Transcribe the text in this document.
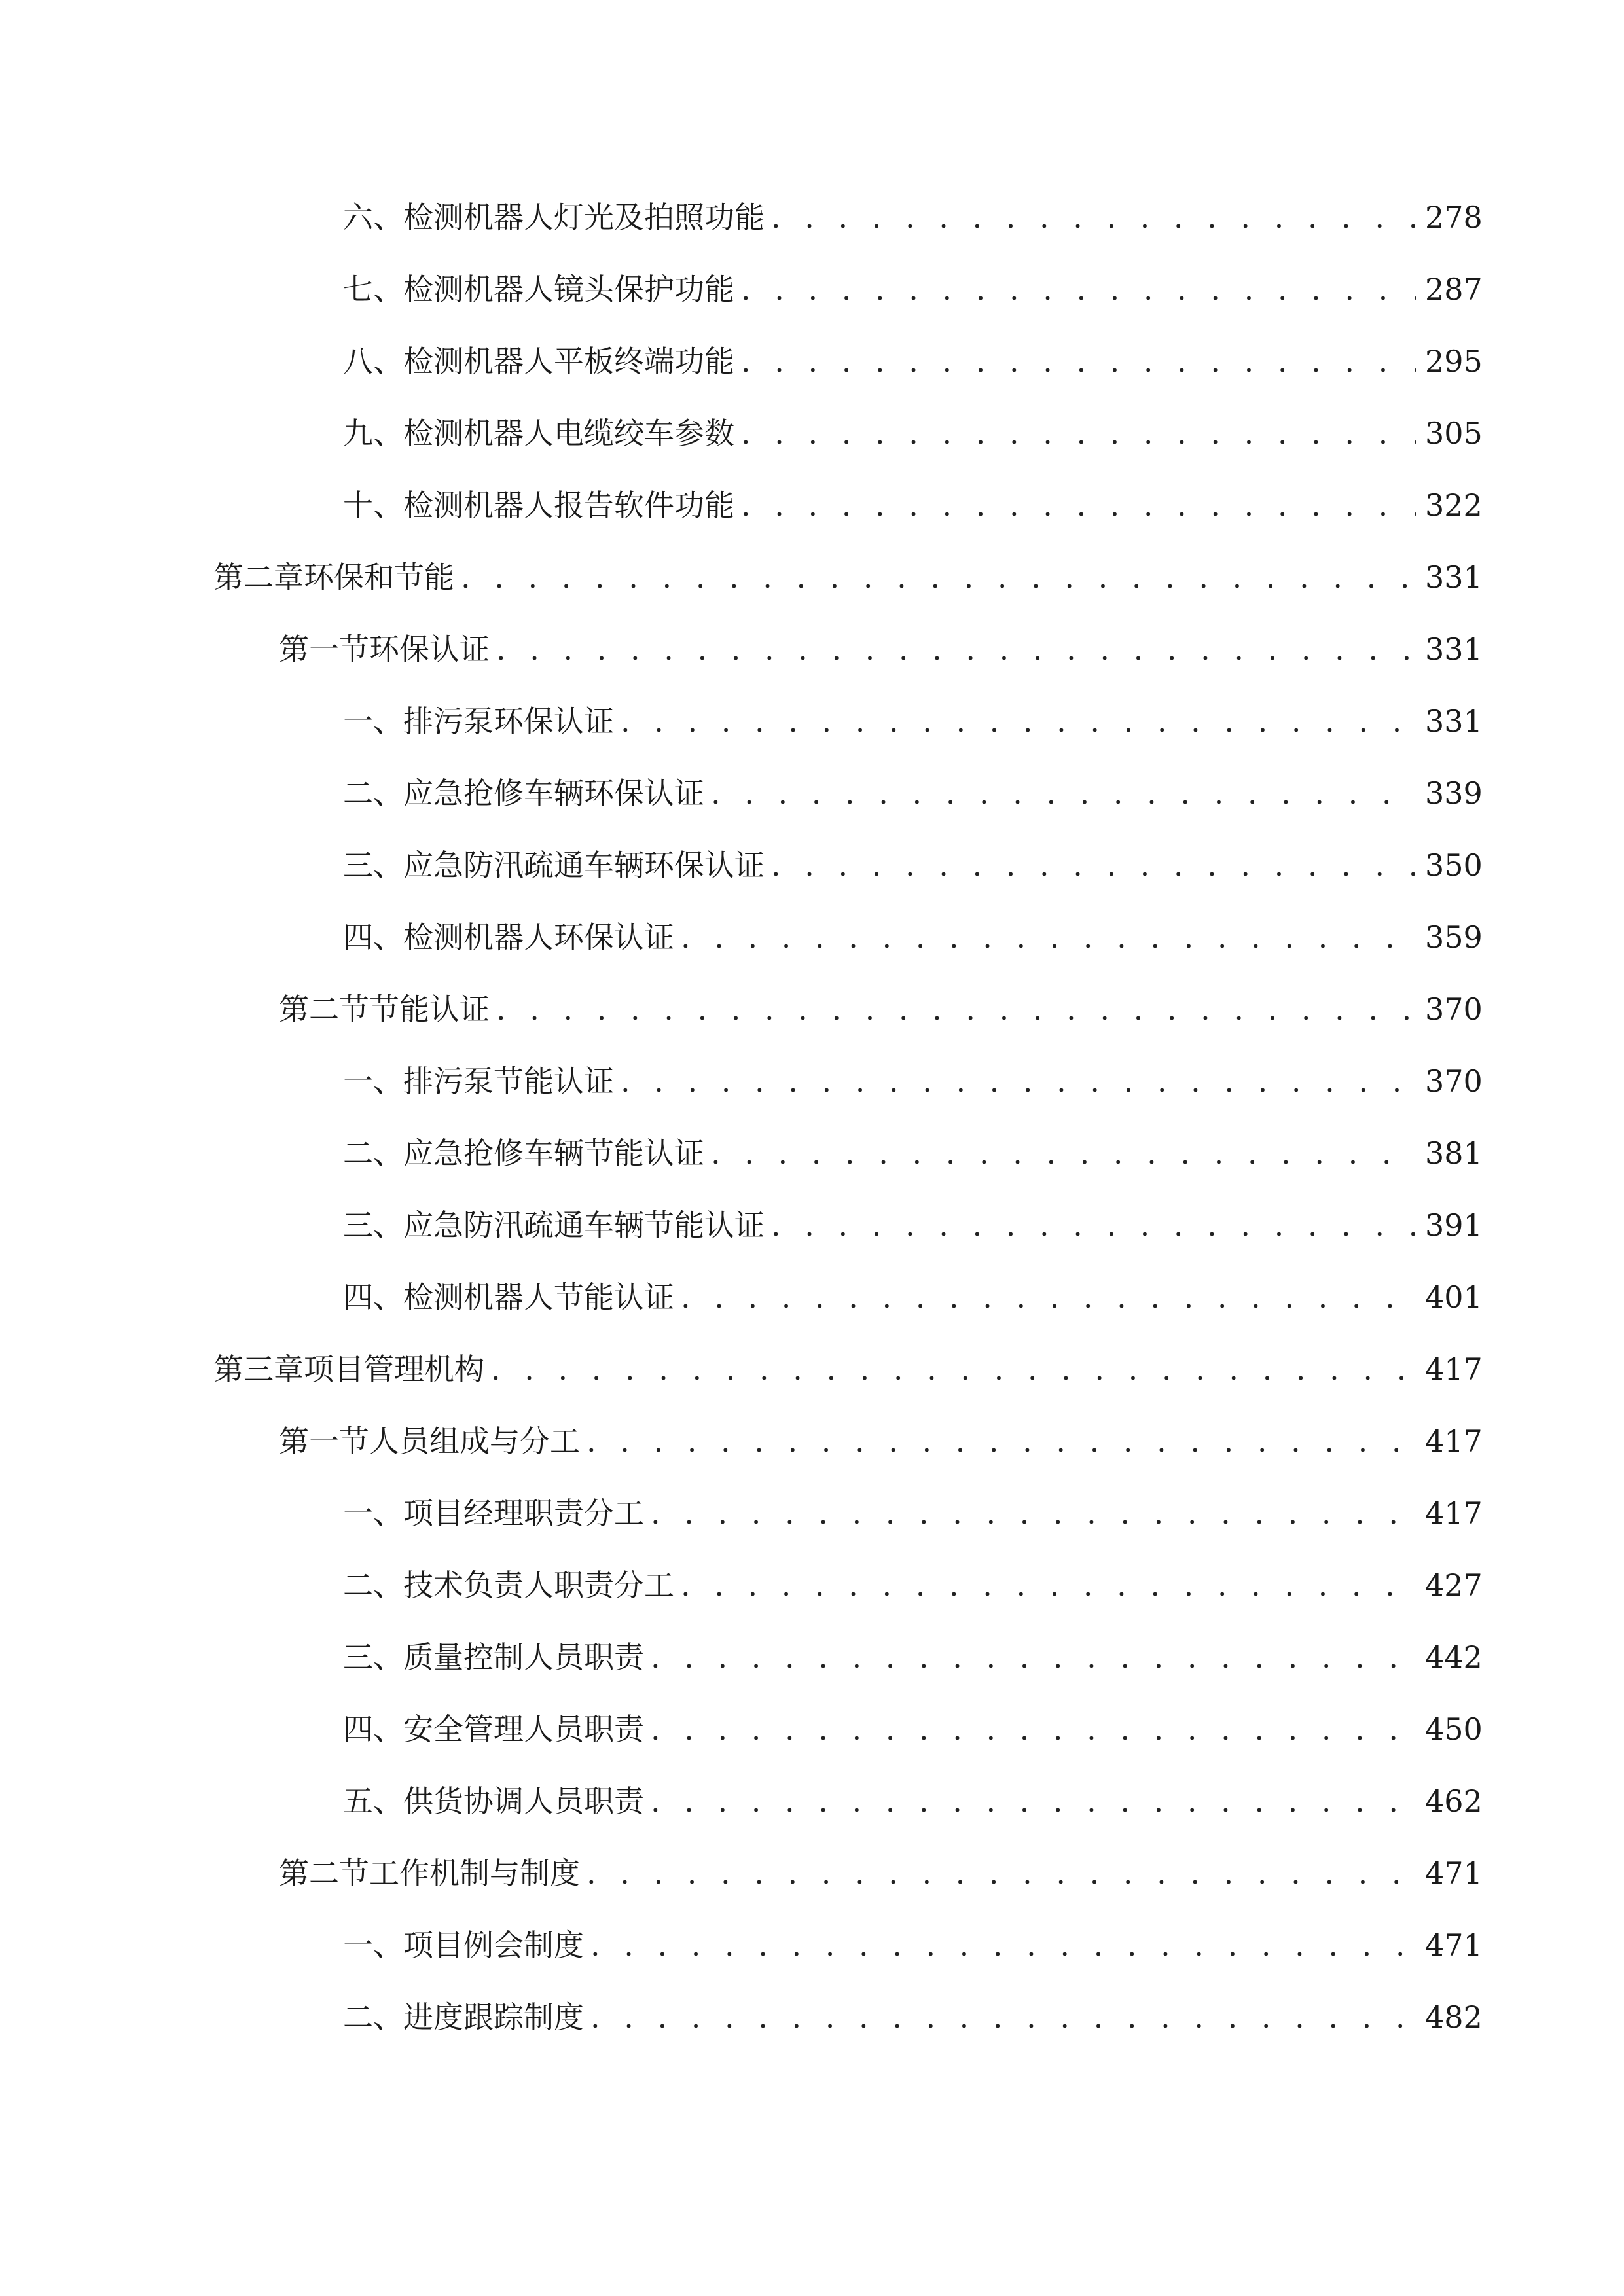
六、 检测机器人灯光及拍照功能 . . .	278
七、 检测机器人镜头保护功能 . . .	287
八、 检测机器人平板终端功能 . . .	295
九、 检测机器人电缆绞车参数 . . .	305
十、 检测机器人报告软件功能 . . .	322
第二章 环保和节能 . . .	331
第一节 环保认证 . . .	331
一、 排污泵环保认证 . . .	331
二、 应急抢修车辆环保认证 . . .	339
三、 应急防汛疏通车辆环保认证 . . .	350
四、 检测机器人环保认证 . . .	359
第二节 节能认证 . . .	370
一、 排污泵节能认证 . . .	370
二、 应急抢修车辆节能认证 . . .	381
三、 应急防汛疏通车辆节能认证 . . .	391
四、 检测机器人节能认证 . . .	401
第三章 项目管理机构 . . .	417
第一节 人员组成与分工 . . .	417
一、 项目经理职责分工 . . .	417
二、 技术负责人职责分工 . . .	427
三、 质量控制人员职责 . . .	442
四、 安全管理人员职责 . . .	450
五、 供货协调人员职责 . . .	462
第二节 工作机制与制度 . . .	471
一、 项目例会制度 . . .	471
二、 进度跟踪制度 . . .	482
